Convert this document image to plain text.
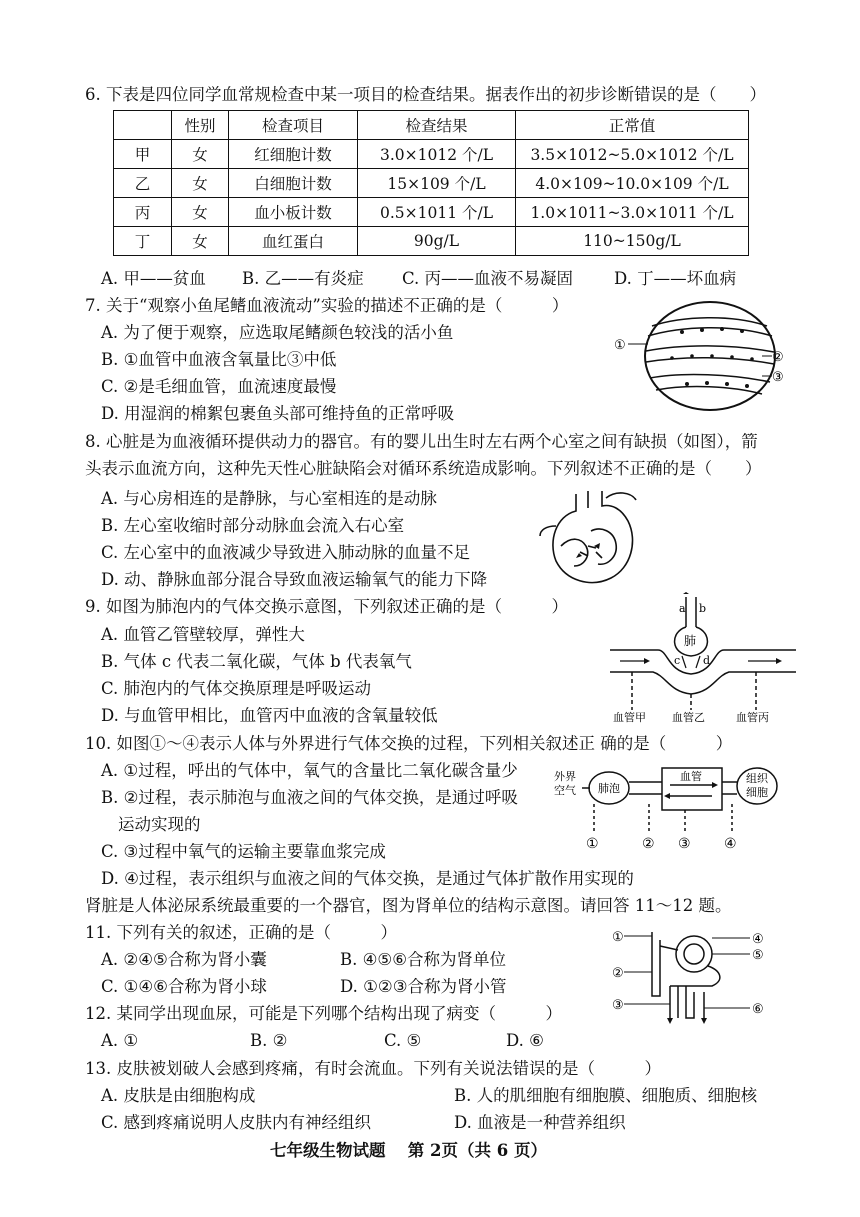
6. 下表是四位同学血常规检查中某一项目的检查结果。据表作出的初步诊断错误的是（　　）
	性别	检查项目	检查结果	正常值
甲	女	红细胞计数	3.0×1012 个/L	3.5×1012~5.0×1012 个/L
乙	女	白细胞计数	15×109 个/L	4.0×109~10.0×109 个/L
丙	女	血小板计数	0.5×1011 个/L	1.0×1011~3.0×1011 个/L
丁	女	血红蛋白	90g/L	110~150g/L
A. 甲——贫血 B. 乙——有炎症 C. 丙——血液不易凝固 D. 丁——坏血病
7. 关于“观察小鱼尾鳍血液流动”实验的描述不正确的是（　　　）
A. 为了便于观察，应选取尾鳍颜色较浅的活小鱼
B. ①血管中血液含氧量比③中低
C. ②是毛细血管，血流速度最慢
D. 用湿润的棉絮包裹鱼头部可维持鱼的正常呼吸
①
②
③
8. 心脏是为血液循环提供动力的器官。有的婴儿出生时左右两个心室之间有缺损（如图），箭
头表示血流方向，这种先天性心脏缺陷会对循环系统造成影响。下列叙述不正确的是（　　）
A. 与心房相连的是静脉，与心室相连的是动脉
B. 左心室收缩时部分动脉血会流入右心室
C. 左心室中的血液减少导致进入肺动脉的血量不足
D. 动、静脉血部分混合导致血液运输氧气的能力下降
9. 如图为肺泡内的气体交换示意图，下列叙述正确的是（　　　）
A. 血管乙管壁较厚，弹性大
B. 气体 c 代表二氧化碳，气体 b 代表氧气
C. 肺泡内的气体交换原理是呼吸运动
D. 与血管甲相比，血管丙中血液的含氧量较低
a b
肺
c d
血管甲 血管乙	血管丙
10. 如图①～④表示人体与外界进行气体交换的过程，下列相关叙述正 确的是（　　　）
A. ①过程，呼出的气体中，氧气的含量比二氧化碳含量少
B. ②过程，表示肺泡与血液之间的气体交换，是通过呼吸
运动实现的
C. ③过程中氧气的运输主要靠血浆完成
D. ④过程，表示组织与血液之间的气体交换，是通过气体扩散作用实现的
外界
空气 肺泡
血管	组织
细胞
①	② ③ ④
肾脏是人体泌尿系统最重要的一个器官，图为肾单位的结构示意图。请回答 11～12 题。
11. 下列有关的叙述，正确的是（　　　）
A. ②④⑤合称为肾小囊	B. ④⑤⑥合称为肾单位
C. ①④⑥合称为肾小球	D. ①②③合称为肾小管
①
②
③
④
⑤
⑥
12. 某同学出现血尿，可能是下列哪个结构出现了病变（　　　）
A. ①	B. ②	C. ⑤	D. ⑥
13. 皮肤被划破人会感到疼痛，有时会流血。下列有关说法错误的是（　　　）
A. 皮肤是由细胞构成	B. 人的肌细胞有细胞膜、细胞质、细胞核
C. 感到疼痛说明人皮肤内有神经组织	D. 血液是一种营养组织
七年级生物试题　 第 2页（共 6 页）
